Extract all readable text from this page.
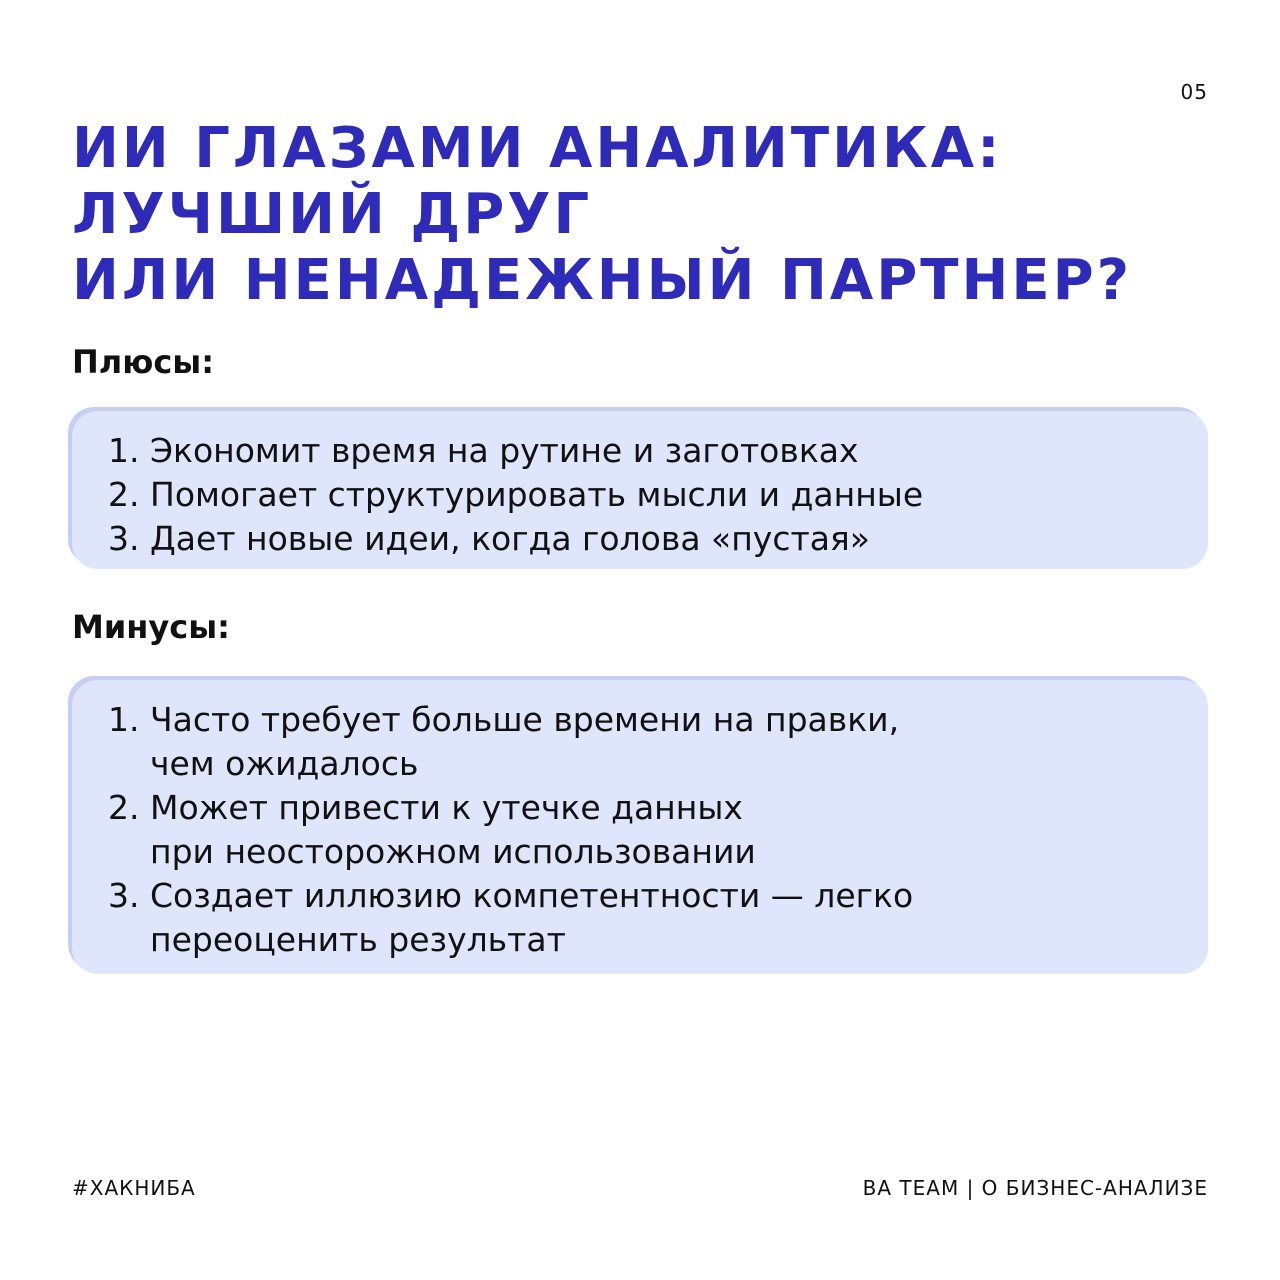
05
ИИ ГЛАЗАМИ АНАЛИТИКА:
ЛУЧШИЙ ДРУГ
ИЛИ НЕНАДЕЖНЫЙ ПАРТНЕР?
Плюсы:
1. Экономит время на рутине и заготовках
2. Помогает структурировать мысли и данные
3. Дает новые идеи, когда голова «пустая»
Минусы:
1. Часто требует больше времени на правки,
чем ожидалось
2. Может привести к утечке данных
при неосторожном использовании
3. Создает иллюзию компетентности — легко
переоценить результат
#ХАКНИБА	BA TEAM | О БИЗНЕС-АНАЛИЗЕ
